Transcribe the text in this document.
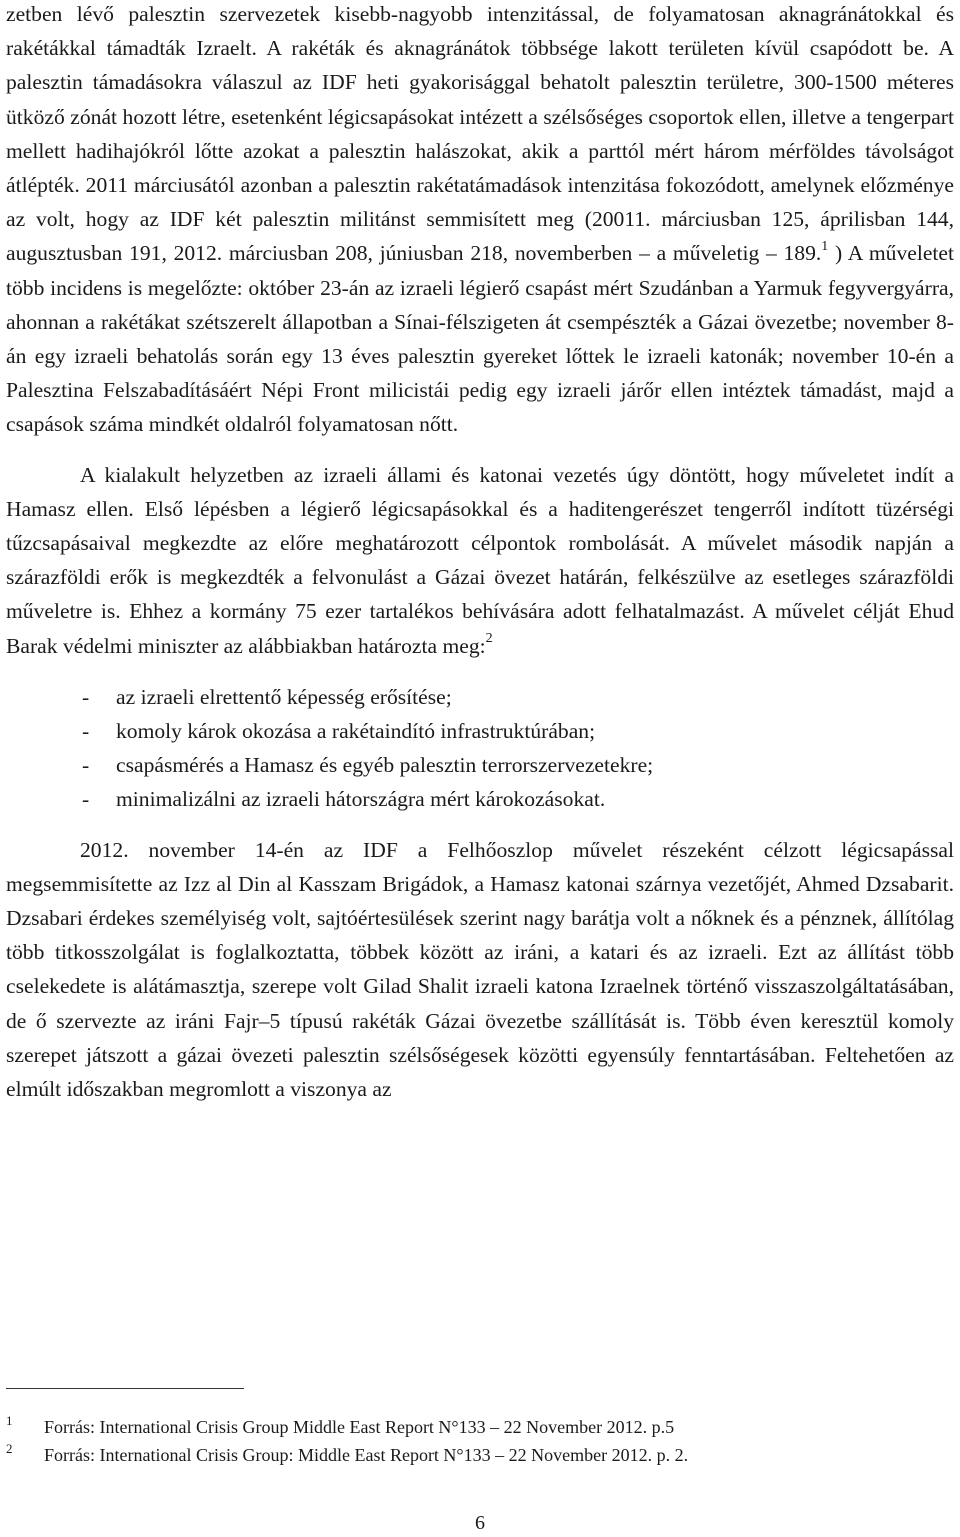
zetben lévő palesztin szervezetek kisebb-nagyobb intenzitással, de folyamatosan aknagránátokkal és rakétákkal támadták Izraelt. A rakéták és aknagránátok többsége lakott területen kívül csapódott be. A palesztin támadásokra válaszul az IDF heti gyakorisággal behatolt palesztin területre, 300-1500 méteres ütköző zónát hozott létre, esetenként légicsapásokat intézett a szélsőséges csoportok ellen, illetve a tengerpart mellett hadihajókról lőtte azokat a palesztin halászokat, akik a parttól mért három mérföldes távolságot átlépték. 2011 márciusától azonban a palesztin rakétatámadások intenzitása fokozódott, amelynek előzménye az volt, hogy az IDF két palesztin militánst semmisített meg (20011. márciusban 125, áprilisban 144, augusztusban 191, 2012. márciusban 208, júniusban 218, novemberben – a műveletig – 189.$^1$ ) A műveletet több incidens is megelőzte: október 23-án az izraeli légierő csapást mért Szudánban a Yarmuk fegyvergyárra, ahonnan a rakétákat szétszerelt állapotban a Sínai-félszigeten át csempészték a Gázai övezetbe; november 8-án egy izraeli behatolás során egy 13 éves palesztin gyereket lőttek le izraeli katonák; november 10-én a Palesztina Felszabadításáért Népi Front milicistái pedig egy izraeli járőr ellen intéztek támadást, majd a csapások száma mindkét oldalról folyamatosan nőtt.

A kialakult helyzetben az izraeli állami és katonai vezetés úgy döntött, hogy műveletet indít a Hamasz ellen. Első lépésben a légierő légicsapásokkal és a haditengerészet tengerről indított tüzérségi tűzcsapásaival megkezdte az előre meghatározott célpontok rombolását. A művelet második napján a szárazföldi erők is megkezdték a felvonulást a Gázai övezet határán, felkészülve az esetleges szárazföldi műveletre is. Ehhez a kormány 75 ezer tartalékos behívására adott felhatalmazást. A művelet célját Ehud Barak védelmi miniszter az alábbiakban határozta meg:$^2$

- az izraeli elrettentő képesség erősítése;
- komoly károk okozása a rakétaindító infrastruktúrában;
- csapásmérés a Hamasz és egyéb palesztin terrorszervezetekre;
- minimalizálni az izraeli hátországra mért károkozásokat.

2012. november 14-én az IDF a Felhőoszlop művelet részeként célzott légicsapással megsemmisítette az Izz al Din al Kasszam Brigádok, a Hamasz katonai szárnya vezetőjét, Ahmed Dzsabarit. Dzsabari érdekes személyiség volt, sajtóértesülések szerint nagy barátja volt a nőknek és a pénznek, állítólag több titkosszolgálat is foglalkoztatta, többek között az iráni, a katari és az izraeli. Ezt az állítást több cselekedete is alátámasztja, szerepe volt Gilad Shalit izraeli katona Izraelnek történő visszaszolgáltatásában, de ő szervezte az iráni Fajr–5 típusú rakéták Gázai övezetbe szállítását is. Több éven keresztül komoly szerepet játszott a gázai övezeti palesztin szélsőségesek közötti egyensúly fenntartásában. Feltehetően az elmúlt időszakban megromlott a viszonya az

1 Forrás: International Crisis Group Middle East Report N°133 – 22 November 2012. p.5
2 Forrás: International Crisis Group: Middle East Report N°133 – 22 November 2012. p. 2.
6
